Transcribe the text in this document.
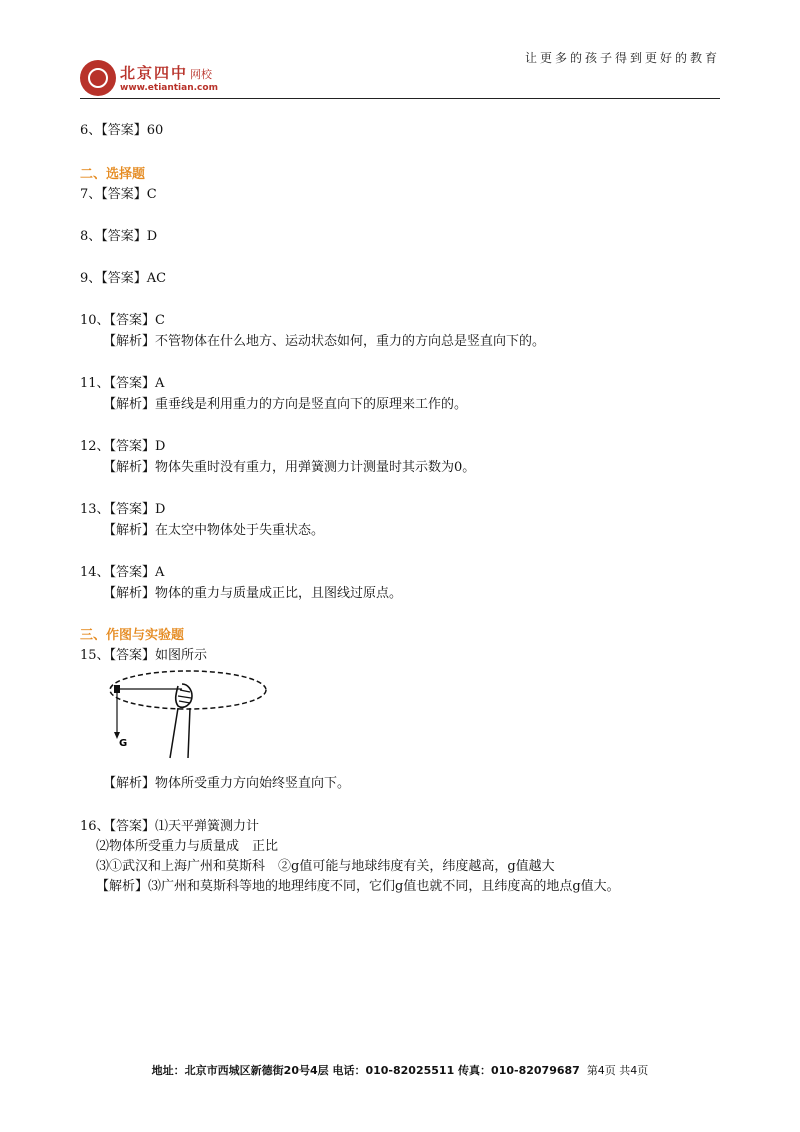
北京四中 网校
www.etiantian.com
让更多的孩子得到更好的教育
6、【答案】60
二、选择题
7、【答案】C
8、【答案】D
9、【答案】AC
10、【答案】C
【解析】不管物体在什么地方、运动状态如何，重力的方向总是竖直向下的。
11、【答案】A
【解析】重垂线是利用重力的方向是竖直向下的原理来工作的。
12、【答案】D
【解析】物体失重时没有重力，用弹簧测力计测量时其示数为0。
13、【答案】D
【解析】在太空中物体处于失重状态。
14、【答案】A
【解析】物体的重力与质量成正比，且图线过原点。
三、作图与实验题
15、【答案】如图所示
G
【解析】物体所受重力方向始终竖直向下。
16、【答案】⑴天平弹簧测力计
⑵物体所受重力与质量成　正比
⑶①武汉和上海广州和莫斯科　②g值可能与地球纬度有关，纬度越高，g值越大
【解析】⑶广州和莫斯科等地的地理纬度不同，它们g值也就不同，且纬度高的地点g值大。
地址：北京市西城区新德街20号4层 电话：010-82025511 传真：010-82079687 第4页 共4页
